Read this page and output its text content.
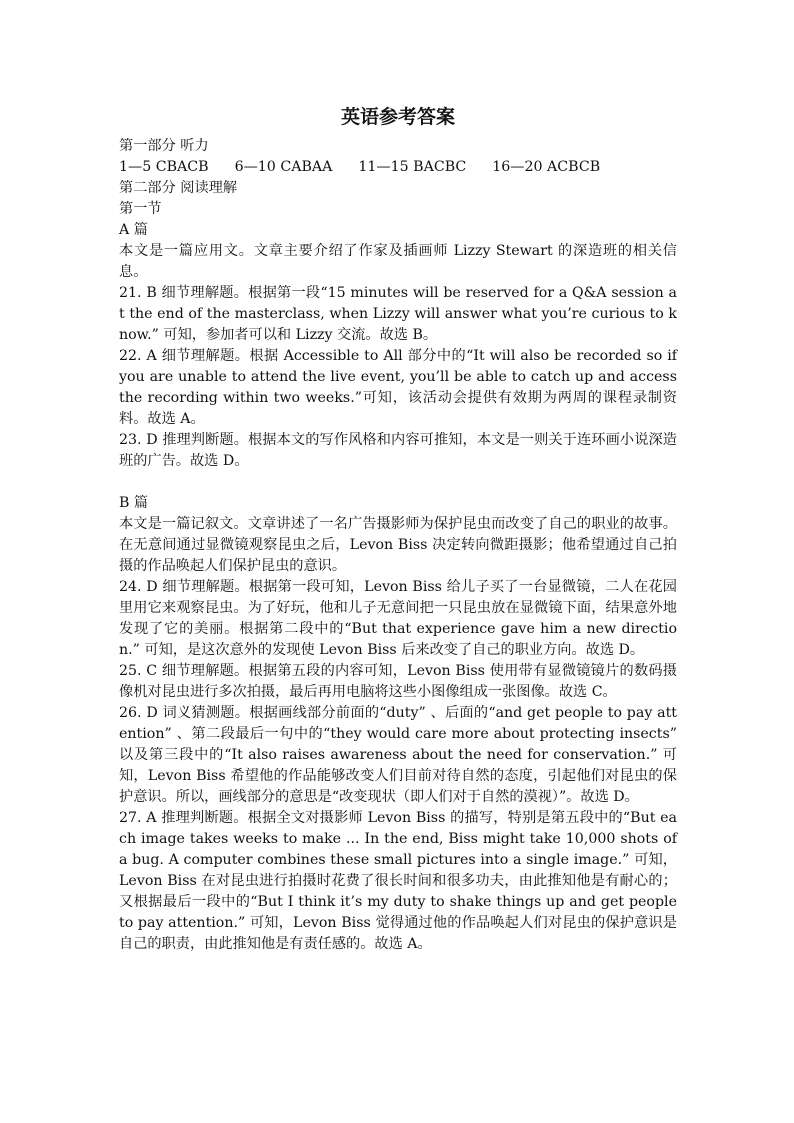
英语参考答案

第一部分 听力

1—5 CBACB 6—10 CABAA 11—15 BACBC 16—20 ACBCB

第二部分 阅读理解

第一节

A 篇

本文是一篇应用文。文章主要介绍了作家及插画师 Lizzy Stewart 的深造班的相关信息。

21. B 细节理解题。根据第一段“15 minutes will be reserved for a Q&A session at the end of the masterclass, when Lizzy will answer what you’re curious to know.” 可知，参加者可以和 Lizzy 交流。故选 B。

22. A 细节理解题。根据 Accessible to All 部分中的“It will also be recorded so if you are unable to attend the live event, you’ll be able to catch up and access the recording within two weeks.”可知，该活动会提供有效期为两周的课程录制资料。故选 A。

23. D 推理判断题。根据本文的写作风格和内容可推知，本文是一则关于连环画小说深造班的广告。故选 D。

B 篇

本文是一篇记叙文。文章讲述了一名广告摄影师为保护昆虫而改变了自己的职业的故事。在无意间通过显微镜观察昆虫之后，Levon Biss 决定转向微距摄影；他希望通过自己拍摄的作品唤起人们保护昆虫的意识。

24. D 细节理解题。根据第一段可知，Levon Biss 给儿子买了一台显微镜，二人在花园里用它来观察昆虫。为了好玩，他和儿子无意间把一只昆虫放在显微镜下面，结果意外地发现了它的美丽。根据第二段中的“But that experience gave him a new direction.” 可知，是这次意外的发现使 Levon Biss 后来改变了自己的职业方向。故选 D。

25. C 细节理解题。根据第五段的内容可知，Levon Biss 使用带有显微镜镜片的数码摄像机对昆虫进行多次拍摄，最后再用电脑将这些小图像组成一张图像。故选 C。

26. D 词义猜测题。根据画线部分前面的“duty” 、后面的“and get people to pay attention” 、第二段最后一句中的“they would care more about protecting insects” 以及第三段中的“It also raises awareness about the need for conservation.” 可知，Levon Biss 希望他的作品能够改变人们目前对待自然的态度，引起他们对昆虫的保护意识。所以，画线部分的意思是“改变现状（即人们对于自然的漠视）”。故选 D。

27. A 推理判断题。根据全文对摄影师 Levon Biss 的描写，特别是第五段中的“But each image takes weeks to make ... In the end, Biss might take 10,000 shots of a bug. A computer combines these small pictures into a single image.” 可知，Levon Biss 在对昆虫进行拍摄时花费了很长时间和很多功夫，由此推知他是有耐心的；又根据最后一段中的“But I think it’s my duty to shake things up and get people to pay attention.” 可知，Levon Biss 觉得通过他的作品唤起人们对昆虫的保护意识是自己的职责，由此推知他是有责任感的。故选 A。
